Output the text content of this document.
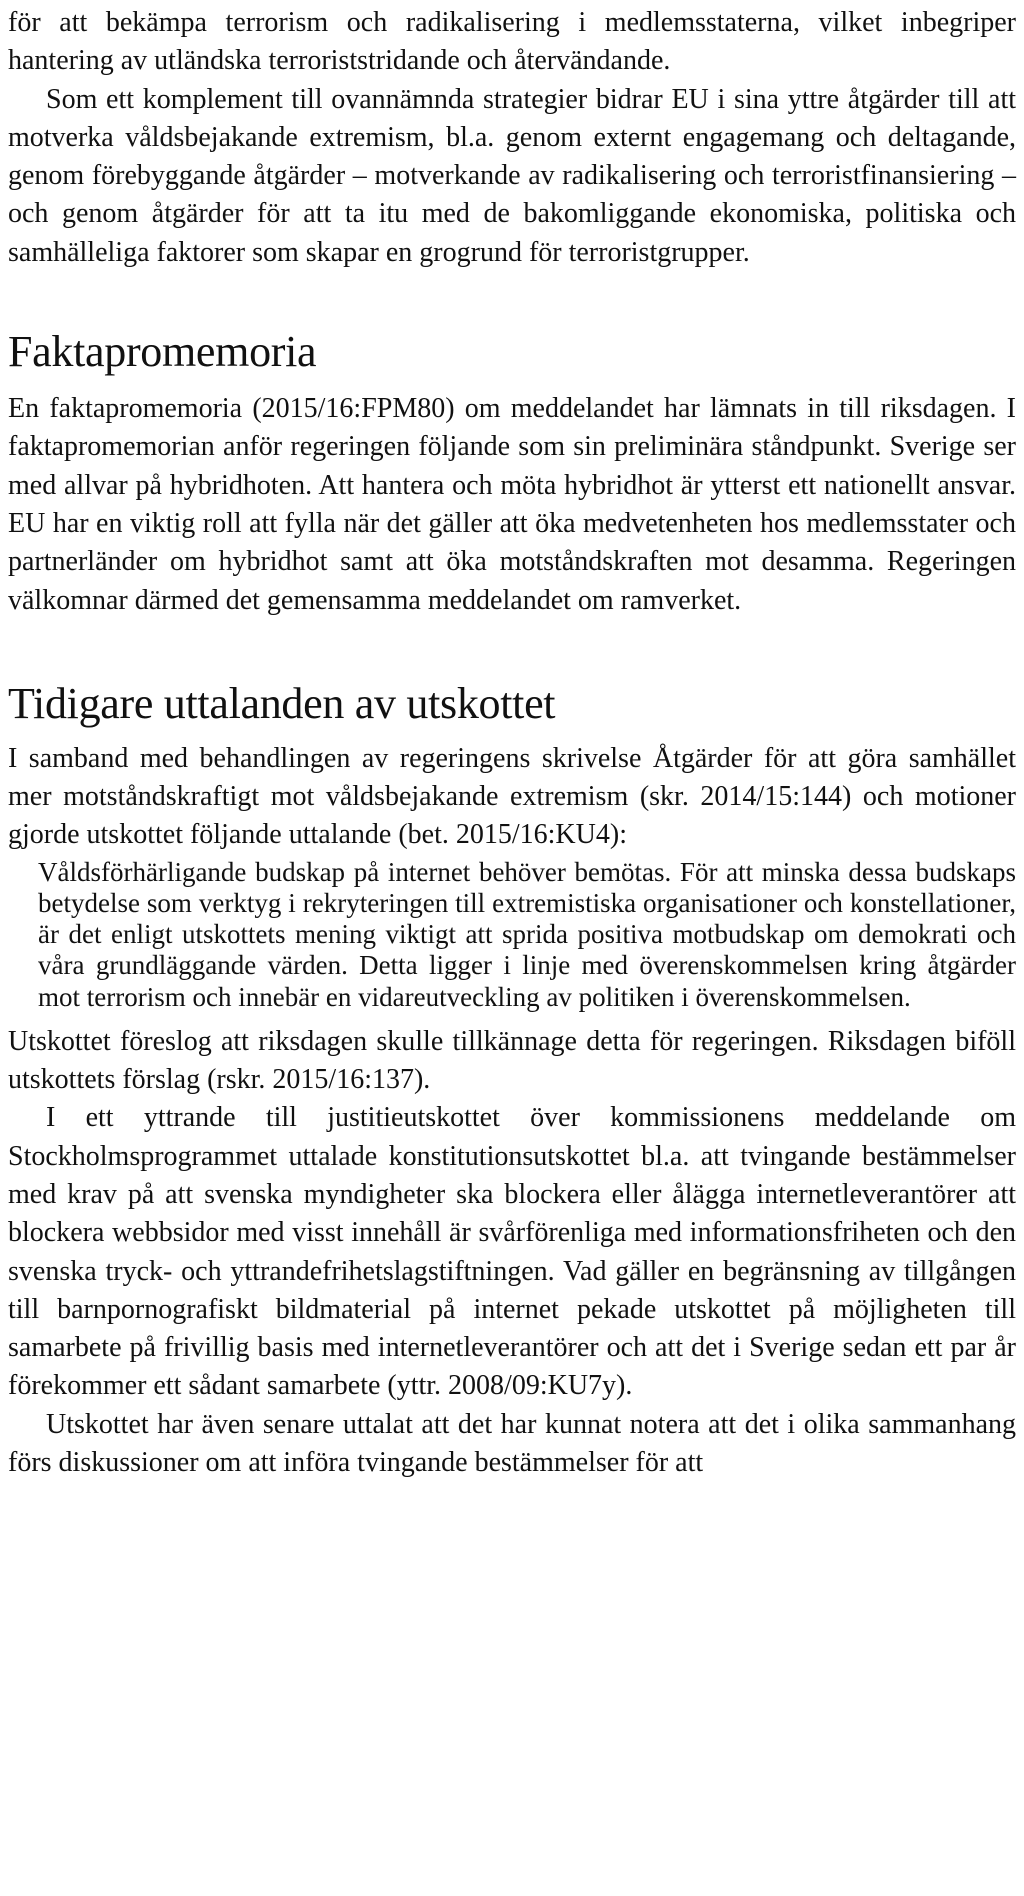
för att bekämpa terrorism och radikalisering i medlemsstaterna, vilket inbegriper hantering av utländska terroriststridande och återvändande.

Som ett komplement till ovannämnda strategier bidrar EU i sina yttre åtgärder till att motverka våldsbejakande extremism, bl.a. genom externt engagemang och deltagande, genom förebyggande åtgärder – motverkande av radikalisering och terroristfinansiering – och genom åtgärder för att ta itu med de bakomliggande ekonomiska, politiska och samhälleliga faktorer som skapar en grogrund för terroristgrupper.

Faktapromemoria

En faktapromemoria (2015/16:FPM80) om meddelandet har lämnats in till riksdagen. I faktapromemorian anför regeringen följande som sin preliminära ståndpunkt. Sverige ser med allvar på hybridhoten. Att hantera och möta hybridhot är ytterst ett nationellt ansvar. EU har en viktig roll att fylla när det gäller att öka medvetenheten hos medlemsstater och partnerländer om hybridhot samt att öka motståndskraften mot desamma. Regeringen välkomnar därmed det gemensamma meddelandet om ramverket.

Tidigare uttalanden av utskottet

I samband med behandlingen av regeringens skrivelse Åtgärder för att göra samhället mer motståndskraftigt mot våldsbejakande extremism (skr. 2014/15:144) och motioner gjorde utskottet följande uttalande (bet. 2015/16:KU4):

Våldsförhärligande budskap på internet behöver bemötas. För att minska dessa budskaps betydelse som verktyg i rekryteringen till extremistiska organisationer och konstellationer, är det enligt utskottets mening viktigt att sprida positiva motbudskap om demokrati och våra grundläggande värden. Detta ligger i linje med överenskommelsen kring åtgärder mot terrorism och innebär en vidareutveckling av politiken i överenskommelsen.

Utskottet föreslog att riksdagen skulle tillkännage detta för regeringen. Riksdagen biföll utskottets förslag (rskr. 2015/16:137).

I ett yttrande till justitieutskottet över kommissionens meddelande om Stockholmsprogrammet uttalade konstitutionsutskottet bl.a. att tvingande bestämmelser med krav på att svenska myndigheter ska blockera eller ålägga internetleverantörer att blockera webbsidor med visst innehåll är svårförenliga med informationsfriheten och den svenska tryck- och yttrandefrihetslagstiftningen. Vad gäller en begränsning av tillgången till barnpornografiskt bildmaterial på internet pekade utskottet på möjligheten till samarbete på frivillig basis med internetleverantörer och att det i Sverige sedan ett par år förekommer ett sådant samarbete (yttr. 2008/09:KU7y).

Utskottet har även senare uttalat att det har kunnat notera att det i olika sammanhang förs diskussioner om att införa tvingande bestämmelser för att
